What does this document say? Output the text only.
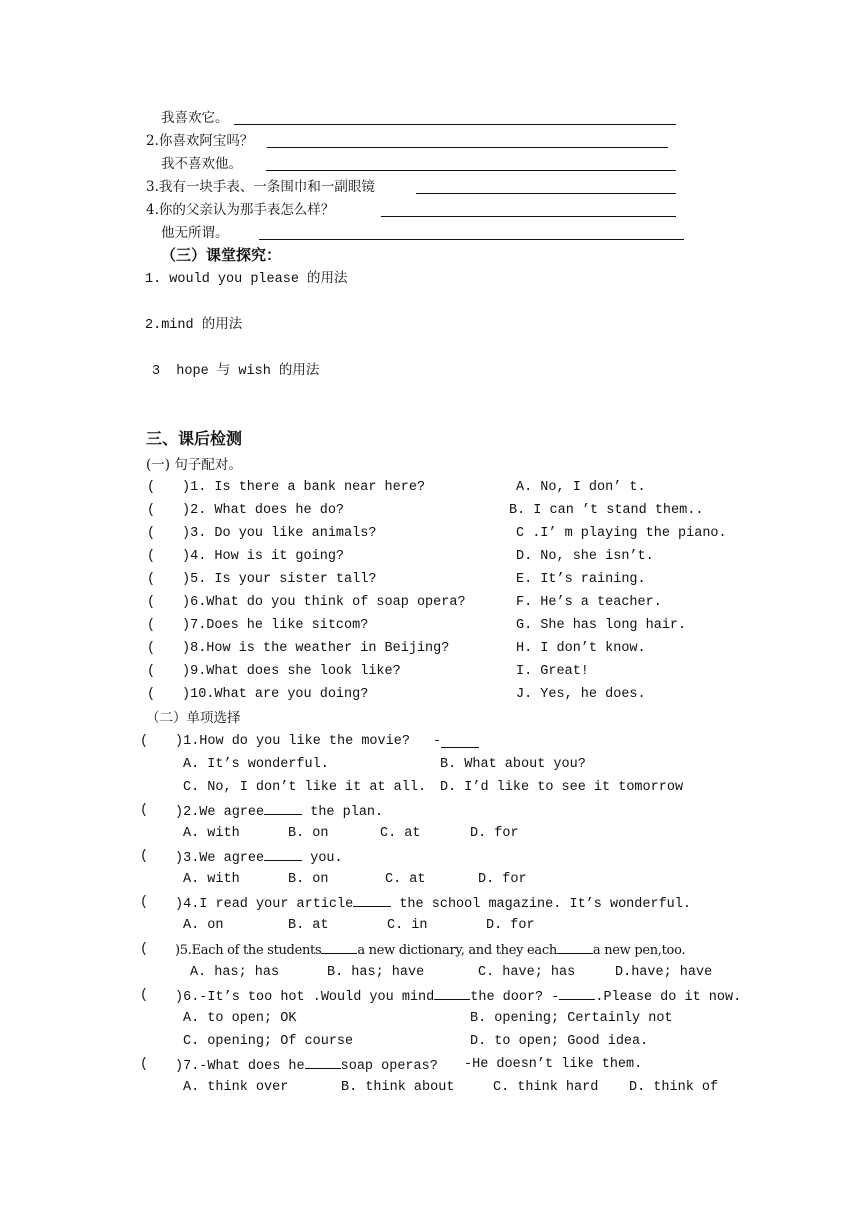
我喜欢它。
2.你喜欢阿宝吗？
我不喜欢他。
3.我有一块手表、一条围巾和一副眼镜
4.你的父亲认为那手表怎么样？
他无所谓。
（三）课堂探究：
1. would you please 的用法
2.mind 的用法
3  hope 与 wish 的用法
三、课后检测
(一) 句子配对。
( )1. Is there a bank near here?	A. No, I don’ t.
( )2. What does he do?	B. I can ’t stand them..
( )3. Do you like animals?	C .I’ m playing the piano.
( )4. How is it going?	D. No, she isn’t.
( )5. Is your sister tall?	E. It’s raining.
( )6.What do you think of soap opera?	F. He’s a teacher.
( )7.Does he like sitcom?	G. She has long hair.
( )8.How is the weather in Beijing?	H. I don’t know.
( )9.What does she look like?	I. Great!
( )10.What are you doing?	J. Yes, he does.
（二）单项选择
( )1.How do you like the movie? -
A. It’s wonderful.	B. What about you?
C. No, I don’t like it at all. D. I’d like to see it tomorrow
( )2.We agree	the plan.
A. with	B. on	C. at	D. for
( )3.We agree	you.
A. with	B. on	C. at	D. for
( )4.I read your article	the school magazine. It’s wonderful.
A. on	B. at	C. in	D. for
( )5.Each of the students	a new dictionary, and they each	a new pen,too.
A. has; has	B. has; have	C. have; has	D.have; have
( )6.-It’s too hot .Would you mind	the door? -	.Please do it now.
A. to open; OK	B. opening; Certainly not
C. opening; Of course	D. to open; Good idea.
( )7.-What does he	soap operas? -He doesn’t like them.
A. think over	B. think about	C. think hard D. think of
